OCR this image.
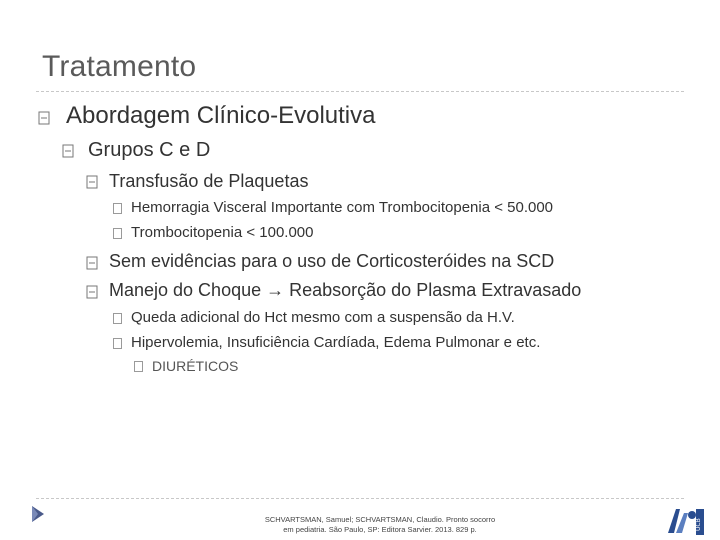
Tratamento
Abordagem Clínico-Evolutiva
Grupos C e D
Transfusão de Plaquetas
Hemorragia Visceral Importante com Trombocitopenia < 50.000
Trombocitopenia < 100.000
Sem evidências para o uso de Corticosteróides na SCD
Manejo do Choque → Reabsorção do Plasma Extravasado
Queda adicional do Hct mesmo com a suspensão da H.V.
Hipervolemia, Insuficiência Cardíada, Edema Pulmonar e etc.
DIURÉTICOS
SCHVARTSMAN, Samuel; SCHVARTSMAN, Claudio. Pronto socorro
em pediatria. São Paulo, SP: Editora Sarvier. 2013. 829 p.	UCB
